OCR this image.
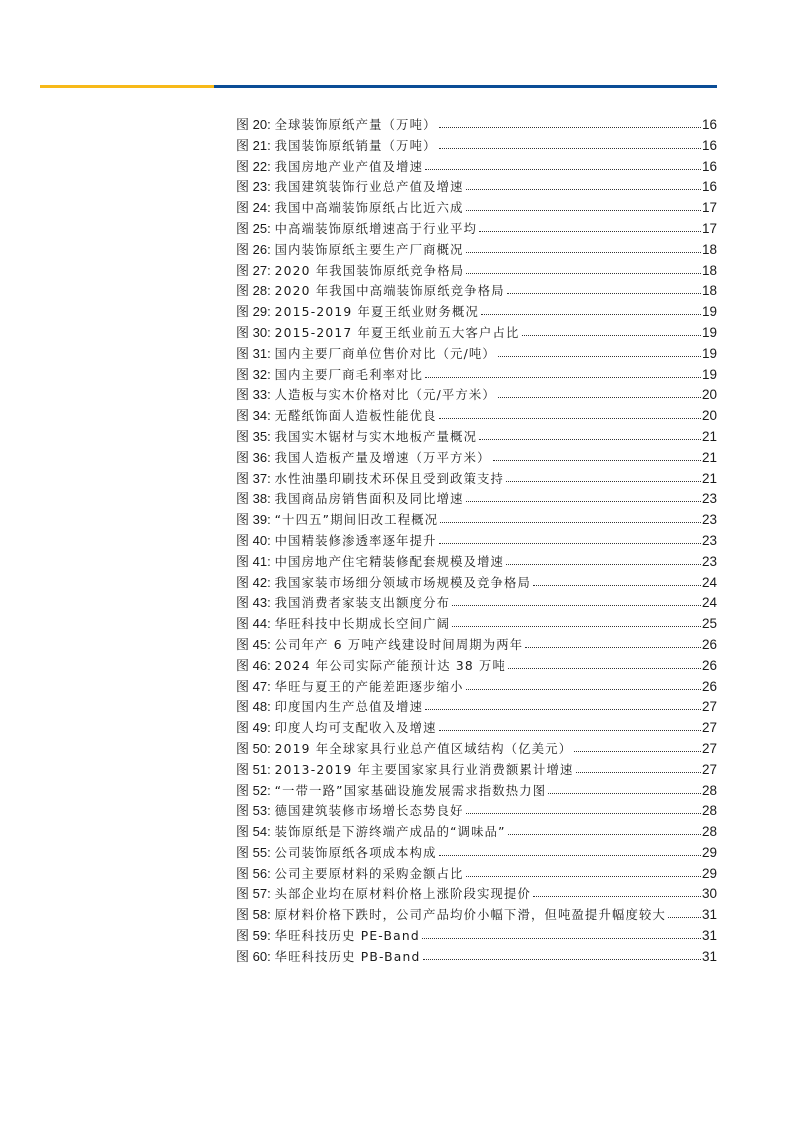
图 20: 全球装饰原纸产量（万吨）	16
图 21: 我国装饰原纸销量（万吨）	16
图 22: 我国房地产业产值及增速	16
图 23: 我国建筑装饰行业总产值及增速	16
图 24: 我国中高端装饰原纸占比近六成	17
图 25: 中高端装饰原纸增速高于行业平均	17
图 26: 国内装饰原纸主要生产厂商概况	18
图 27: 2020 年我国装饰原纸竞争格局	18
图 28: 2020 年我国中高端装饰原纸竞争格局	18
图 29: 2015-2019 年夏王纸业财务概况	19
图 30: 2015-2017 年夏王纸业前五大客户占比	19
图 31: 国内主要厂商单位售价对比（元/吨）	19
图 32: 国内主要厂商毛利率对比	19
图 33: 人造板与实木价格对比（元/平方米）	20
图 34: 无醛纸饰面人造板性能优良	20
图 35: 我国实木锯材与实木地板产量概况	21
图 36: 我国人造板产量及增速（万平方米）	21
图 37: 水性油墨印刷技术环保且受到政策支持	21
图 38: 我国商品房销售面积及同比增速	23
图 39: “十四五”期间旧改工程概况	23
图 40: 中国精装修渗透率逐年提升	23
图 41: 中国房地产住宅精装修配套规模及增速	23
图 42: 我国家装市场细分领域市场规模及竞争格局	24
图 43: 我国消费者家装支出额度分布	24
图 44: 华旺科技中长期成长空间广阔	25
图 45: 公司年产 6 万吨产线建设时间周期为两年	26
图 46: 2024 年公司实际产能预计达 38 万吨	26
图 47: 华旺与夏王的产能差距逐步缩小	26
图 48: 印度国内生产总值及增速	27
图 49: 印度人均可支配收入及增速	27
图 50: 2019 年全球家具行业总产值区域结构（亿美元）	27
图 51: 2013-2019 年主要国家家具行业消费额累计增速	27
图 52: “一带一路”国家基础设施发展需求指数热力图	28
图 53: 德国建筑装修市场增长态势良好	28
图 54: 装饰原纸是下游终端产成品的“调味品”	28
图 55: 公司装饰原纸各项成本构成	29
图 56: 公司主要原材料的采购金额占比	29
图 57: 头部企业均在原材料价格上涨阶段实现提价	30
图 58: 原材料价格下跌时，公司产品均价小幅下滑，但吨盈提升幅度较大	31
图 59: 华旺科技历史 PE-Band	31
图 60: 华旺科技历史 PB-Band	31
